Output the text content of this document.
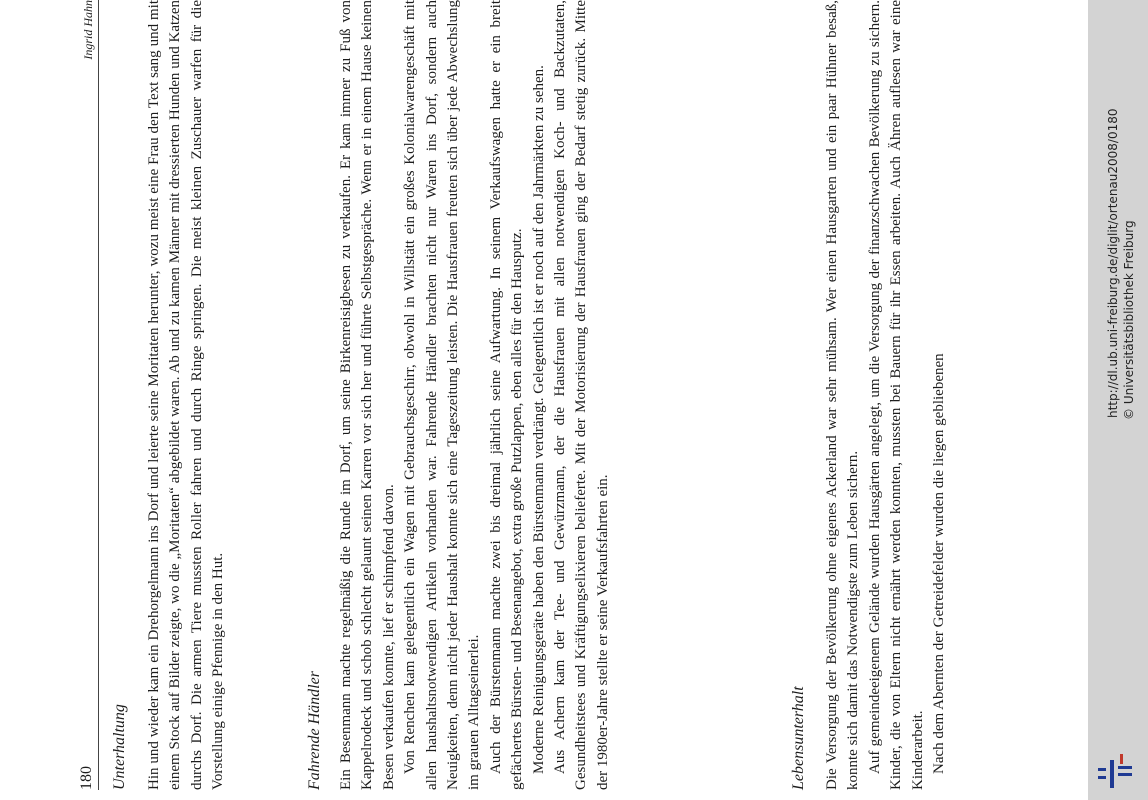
180
Ingrid Hahn
Unterhaltung Hin und wieder kam ein Drehorgelmann ins Dorf und leierte seine Moritaten herunter, wozu meist eine Frau den Text sang und mit einem Stock auf Bilder zeigte, wo die „Moritaten“ abgebildet waren. Ab und zu kamen Männer mit dressierten Hunden und Katzen durchs Dorf. Die armen Tiere mussten Roller fahren und durch Ringe springen. Die meist kleinen Zuschauer warfen für die Vorstellung einige Pfennige in den Hut.	Fahrende Händler Ein Besenmann machte regelmäßig die Runde im Dorf, um seine Birkenreisigbesen zu verkaufen. Er kam immer zu Fuß von Kappelrodeck und schob schlecht gelaunt seinen Karren vor sich her und führte Selbstgespräche. Wenn er in einem Hause keinen Besen verkaufen konnte, lief er schimpfend davon. Von Renchen kam gelegentlich ein Wagen mit Gebrauchsgeschirr, obwohl in Willstätt ein großes Kolonialwarengeschäft mit allen haushaltsnotwendigen Artikeln vorhanden war. Fahrende Händler brachten nicht nur Waren ins Dorf, sondern auch Neuigkeiten, denn nicht jeder Haushalt konnte sich eine Tageszeitung leisten. Die Hausfrauen freuten sich über jede Abwechslung im grauen Alltagseinerlei. Auch der Bürstenmann machte zwei bis dreimal jährlich seine Aufwartung. In seinem Verkaufswagen hatte er ein breit gefächertes Bürsten- und Besenangebot, extra große Putzlappen, eben alles für den Hausputz. Moderne Reinigungsgeräte haben den Bürstenmann verdrängt. Gelegentlich ist er noch auf den Jahrmärkten zu sehen. Aus Achern kam der Tee- und Gewürzmann, der die Hausfrauen mit allen notwendigen Koch- und Backzutaten, Gesundheitstees und Kräftigungselixieren belieferte. Mit der Motorisierung der Hausfrauen ging der Bedarf stetig zurück. Mitte der 1980er-Jahre stellte er seine Verkaufsfahrten ein.	Lebensunterhalt Die Versorgung der Bevölkerung ohne eigenes Ackerland war sehr mühsam. Wer einen Hausgarten und ein paar Hühner besaß, konnte sich damit das Notwendigste zum Leben sichern. Auf gemeindeeigenem Gelände wurden Hausgärten angelegt, um die Versorgung der finanzschwachen Bevölkerung zu sichern. Kinder, die von Eltern nicht ernährt werden konnten, mussten bei Bauern für ihr Essen arbeiten. Auch Ähren auflesen war eine Kinderarbeit. Nach dem Abernten der Getreidefelder wurden die liegen gebliebenen

http://dl.ub.uni-freiburg.de/diglit/ortenau2008/0180 © Universitätsbibliothek Freiburg
